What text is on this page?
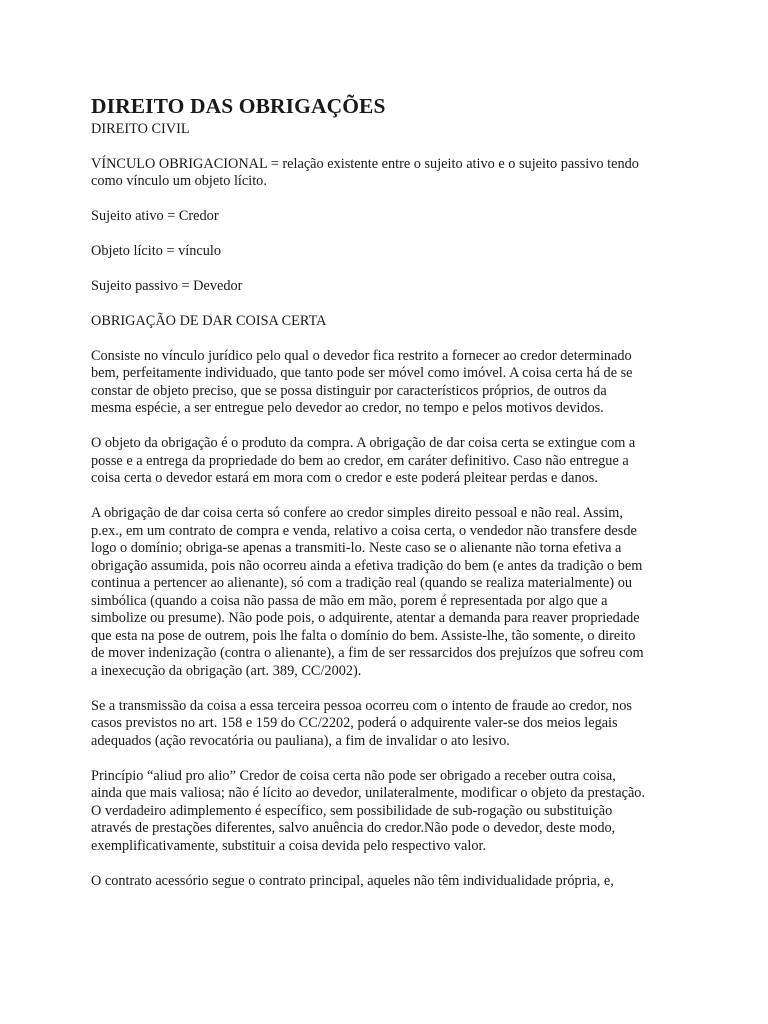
DIREITO DAS OBRIGAÇÕES
DIREITO CIVIL

VÍNCULO OBRIGACIONAL = relação existente entre o sujeito ativo e o sujeito passivo tendo
como vínculo um objeto lícito.

Sujeito ativo = Credor

Objeto lícito = vínculo

Sujeito passivo = Devedor

OBRIGAÇÃO DE DAR COISA CERTA

Consiste no vínculo jurídico pelo qual o devedor fica restrito a fornecer ao credor determinado
bem, perfeitamente individuado, que tanto pode ser móvel como imóvel. A coisa certa há de se
constar de objeto preciso, que se possa distinguir por característicos próprios, de outros da
mesma espécie, a ser entregue pelo devedor ao credor, no tempo e pelos motivos devidos.

O objeto da obrigação é o produto da compra. A obrigação de dar coisa certa se extingue com a
posse e a entrega da propriedade do bem ao credor, em caráter definitivo. Caso não entregue a
coisa certa o devedor estará em mora com o credor e este poderá pleitear perdas e danos.

A obrigação de dar coisa certa só confere ao credor simples direito pessoal e não real. Assim,
p.ex., em um contrato de compra e venda, relativo a coisa certa, o vendedor não transfere desde
logo o domínio; obriga-se apenas a transmiti-lo. Neste caso se o alienante não torna efetiva a
obrigação assumida, pois não ocorreu ainda a efetiva tradição do bem (e antes da tradição o bem
continua a pertencer ao alienante), só com a tradição real (quando se realiza materialmente) ou
simbólica (quando a coisa não passa de mão em mão, porem é representada por algo que a
simbolize ou presume). Não pode pois, o adquirente, atentar a demanda para reaver propriedade
que esta na pose de outrem, pois lhe falta o domínio do bem. Assiste-lhe, tão somente, o direito
de mover indenização (contra o alienante), a fim de ser ressarcidos dos prejuízos que sofreu com
a inexecução da obrigação (art. 389, CC/2002).

Se a transmissão da coisa a essa terceira pessoa ocorreu com o intento de fraude ao credor, nos
casos previstos no art. 158 e 159 do CC/2202, poderá o adquirente valer-se dos meios legais
adequados (ação revocatória ou pauliana), a fim de invalidar o ato lesivo.

Princípio “aliud pro alio” Credor de coisa certa não pode ser obrigado a receber outra coisa,
ainda que mais valiosa; não é lícito ao devedor, unilateralmente, modificar o objeto da prestação.
O verdadeiro adimplemento é específico, sem possibilidade de sub-rogação ou substituição
através de prestações diferentes, salvo anuência do credor.Não pode o devedor, deste modo,
exemplificativamente, substituir a coisa devida pelo respectivo valor.

O contrato acessório segue o contrato principal, aqueles não têm individualidade própria, e,
